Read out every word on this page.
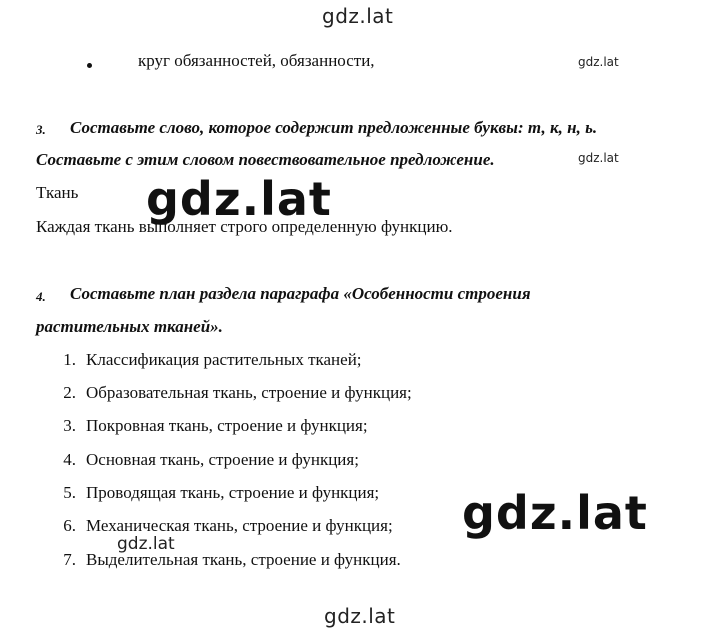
gdz.lat
круг обязанностей, обязанности,	gdz.lat
3. Составьте слово, которое содержит предложенные буквы: т, к, н, ь.
Составьте с этим словом повествовательное предложение.	gdz.lat
Ткань
Каждая ткань выполняет строго определенную функцию.
gdz.lat
4. Составьте план раздела параграфа «Особенности строения
растительных тканей».
1. Классификация растительных тканей;
2. Образовательная ткань, строение и функция;
3. Покровная ткань, строение и функция;
4. Основная ткань, строение и функция;
5. Проводящая ткань, строение и функция;
6. Механическая ткань, строение и функция;
7. Выделительная ткань, строение и функция.
gdz.lat
gdz.lat
gdz.lat
